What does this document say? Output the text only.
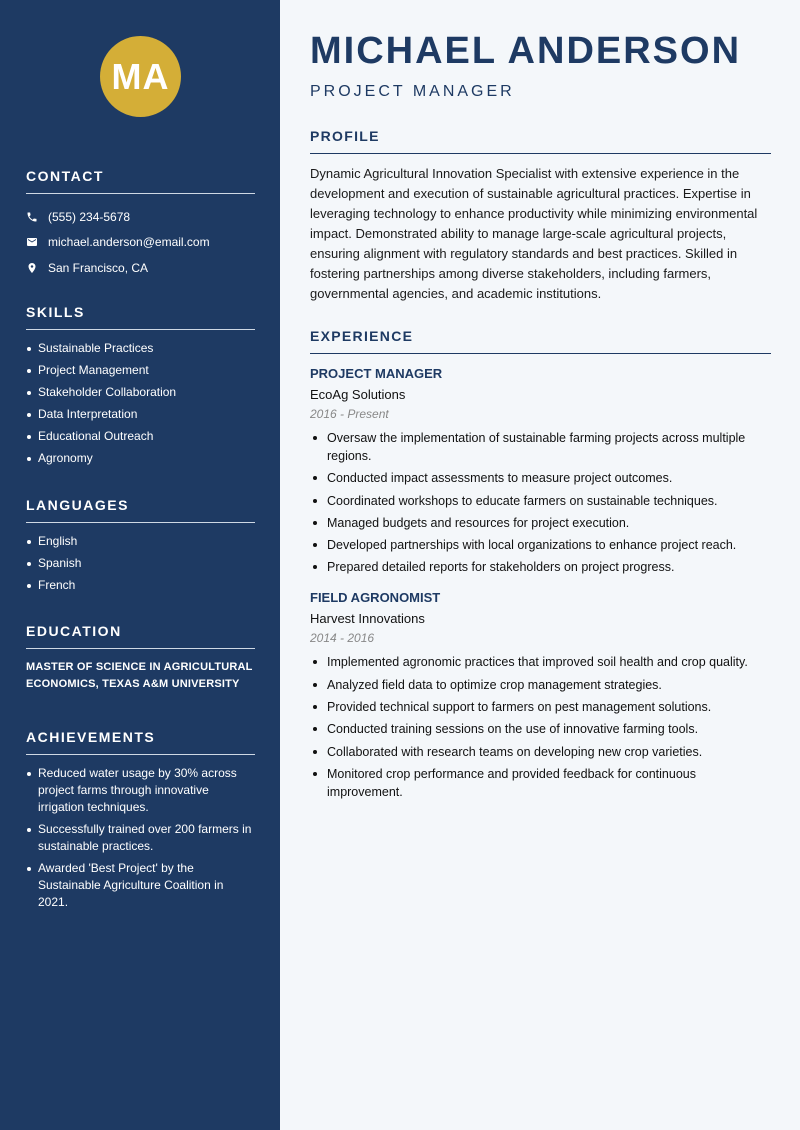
MA
CONTACT
(555) 234-5678
michael.anderson@email.com
San Francisco, CA
SKILLS
Sustainable Practices
Project Management
Stakeholder Collaboration
Data Interpretation
Educational Outreach
Agronomy
LANGUAGES
English
Spanish
French
EDUCATION
MASTER OF SCIENCE IN AGRICULTURAL ECONOMICS, TEXAS A&M UNIVERSITY
ACHIEVEMENTS
Reduced water usage by 30% across project farms through innovative irrigation techniques.
Successfully trained over 200 farmers in sustainable practices.
Awarded 'Best Project' by the Sustainable Agriculture Coalition in 2021.
MICHAEL ANDERSON
PROJECT MANAGER
PROFILE

Dynamic Agricultural Innovation Specialist with extensive experience in the development and execution of sustainable agricultural practices. Expertise in leveraging technology to enhance productivity while minimizing environmental impact. Demonstrated ability to manage large-scale agricultural projects, ensuring alignment with regulatory standards and best practices. Skilled in fostering partnerships among diverse stakeholders, including farmers, governmental agencies, and academic institutions.

EXPERIENCE
PROJECT MANAGER
EcoAg Solutions
2016 - Present
Oversaw the implementation of sustainable farming projects across multiple regions.
Conducted impact assessments to measure project outcomes.
Coordinated workshops to educate farmers on sustainable techniques.
Managed budgets and resources for project execution.
Developed partnerships with local organizations to enhance project reach.
Prepared detailed reports for stakeholders on project progress.
FIELD AGRONOMIST
Harvest Innovations
2014 - 2016
Implemented agronomic practices that improved soil health and crop quality.
Analyzed field data to optimize crop management strategies.
Provided technical support to farmers on pest management solutions.
Conducted training sessions on the use of innovative farming tools.
Collaborated with research teams on developing new crop varieties.
Monitored crop performance and provided feedback for continuous improvement.
